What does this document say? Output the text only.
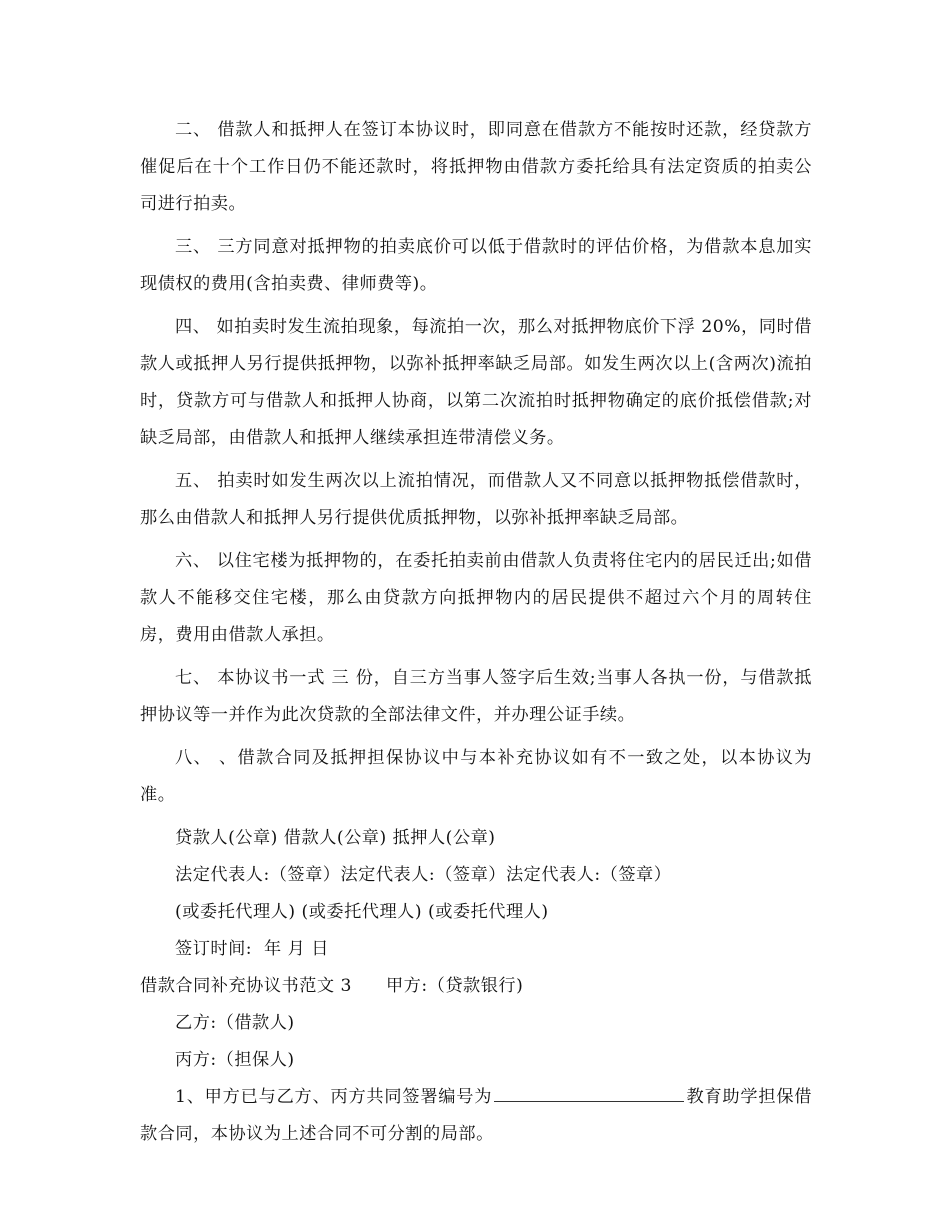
二、 借款人和抵押人在签订本协议时，即同意在借款方不能按时还款，经贷款方催促后在十个工作日仍不能还款时，将抵押物由借款方委托给具有法定资质的拍卖公司进行拍卖。

三、 三方同意对抵押物的拍卖底价可以低于借款时的评估价格，为借款本息加实现债权的费用(含拍卖费、律师费等)。

四、 如拍卖时发生流拍现象，每流拍一次，那么对抵押物底价下浮 20%，同时借款人或抵押人另行提供抵押物，以弥补抵押率缺乏局部。如发生两次以上(含两次)流拍时，贷款方可与借款人和抵押人协商，以第二次流拍时抵押物确定的底价抵偿借款;对缺乏局部，由借款人和抵押人继续承担连带清偿义务。

五、 拍卖时如发生两次以上流拍情况，而借款人又不同意以抵押物抵偿借款时，那么由借款人和抵押人另行提供优质抵押物，以弥补抵押率缺乏局部。

六、 以住宅楼为抵押物的，在委托拍卖前由借款人负责将住宅内的居民迁出;如借款人不能移交住宅楼，那么由贷款方向抵押物内的居民提供不超过六个月的周转住房，费用由借款人承担。

七、 本协议书一式 三 份，自三方当事人签字后生效;当事人各执一份，与借款抵押协议等一并作为此次贷款的全部法律文件，并办理公证手续。

八、 、借款合同及抵押担保协议中与本补充协议如有不一致之处，以本协议为准。

贷款人(公章) 借款人(公章) 抵押人(公章)

法定代表人:（签章）法定代表人:（签章）法定代表人:（签章）

(或委托代理人) (或委托代理人) (或委托代理人)

签订时间:  年 月 日

借款合同补充协议书范文 3 甲方:（贷款银行)

乙方:（借款人)

丙方:（担保人)

1、甲方已与乙方、丙方共同签署编号为	教育助学担保借款合同，本协议为上述合同不可分割的局部。
